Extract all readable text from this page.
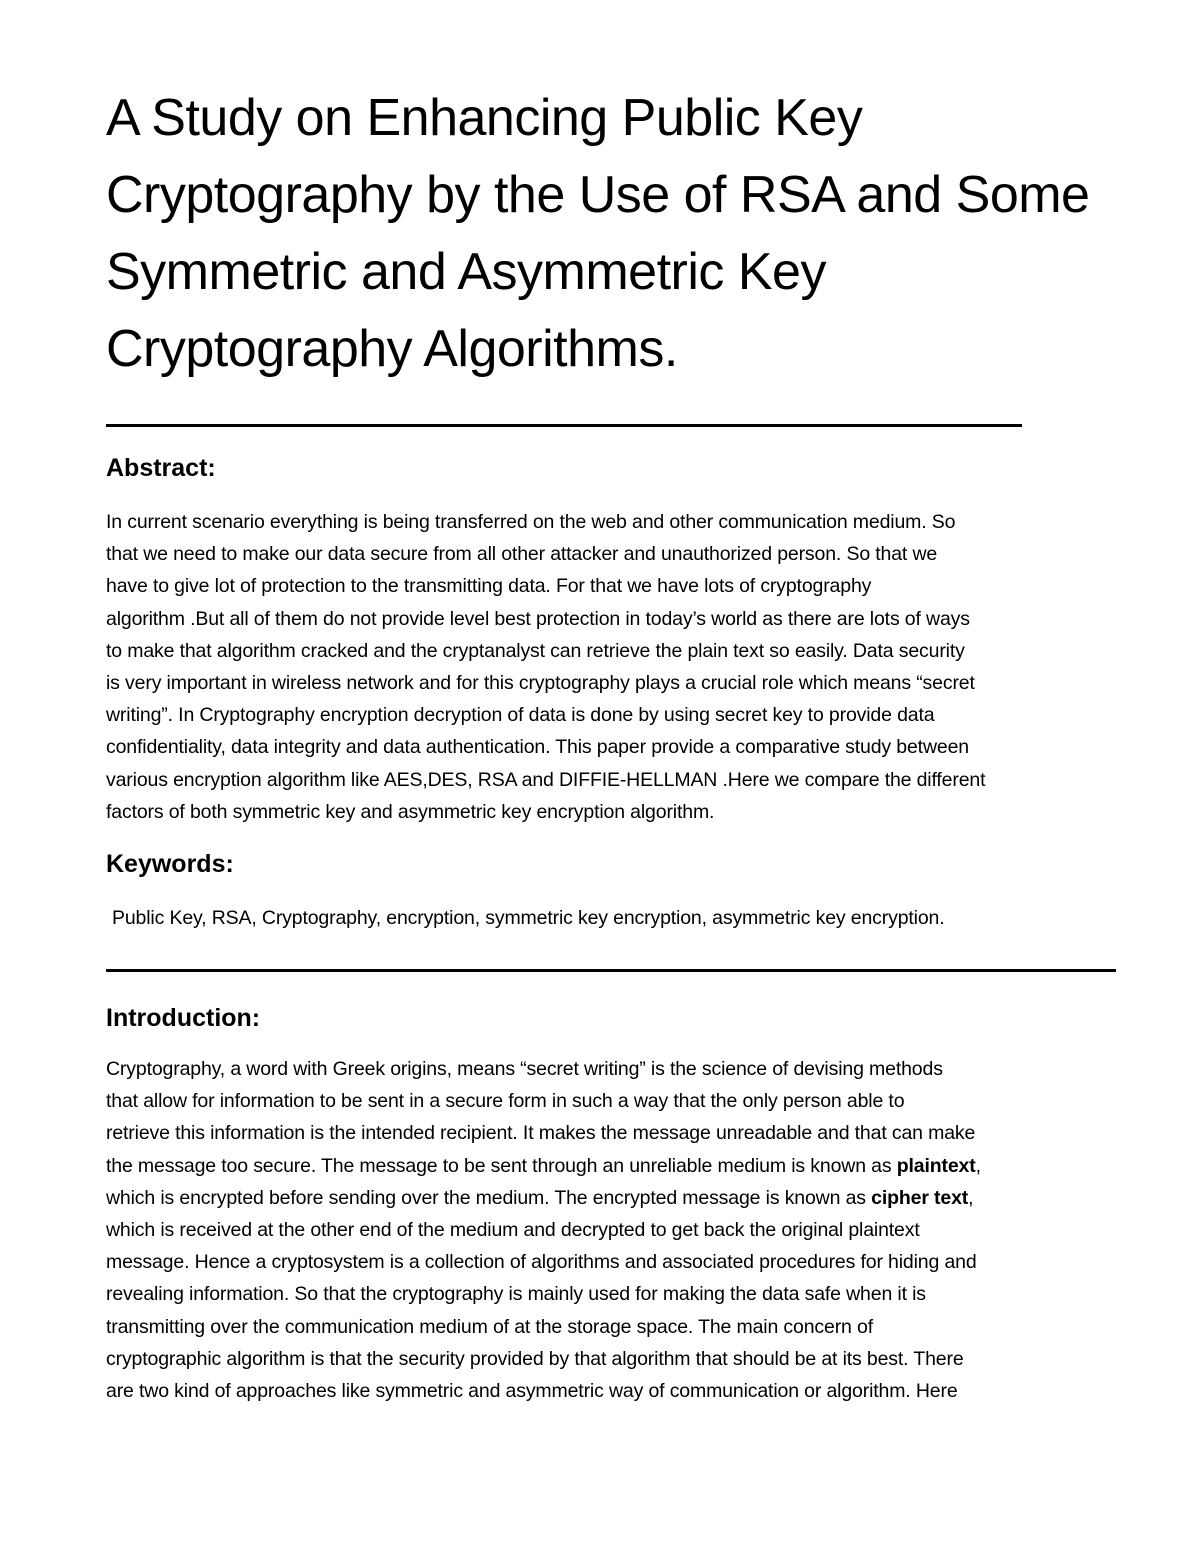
A Study on Enhancing Public Key
Cryptography by the Use of RSA and Some
Symmetric and Asymmetric Key
Cryptography Algorithms.
Abstract:

In current scenario everything is being transferred on the web and other communication medium. So
that we need to make our data secure from all other attacker and unauthorized person. So that we
have to give lot of protection to the transmitting data. For that we have lots of cryptography
algorithm .But all of them do not provide level best protection in today’s world as there are lots of ways
to make that algorithm cracked and the cryptanalyst can retrieve the plain text so easily. Data security
is very important in wireless network and for this cryptography plays a crucial role which means “secret
writing”. In Cryptography encryption decryption of data is done by using secret key to provide data
confidentiality, data integrity and data authentication. This paper provide a comparative study between
various encryption algorithm like AES,DES, RSA and DIFFIE-HELLMAN .Here we compare the different
factors of both symmetric key and asymmetric key encryption algorithm.

Keywords:

Public Key, RSA, Cryptography, encryption, symmetric key encryption, asymmetric key encryption.

Introduction:

Cryptography, a word with Greek origins, means “secret writing” is the science of devising methods
that allow for information to be sent in a secure form in such a way that the only person able to
retrieve this information is the intended recipient. It makes the message unreadable and that can make
the message too secure. The message to be sent through an unreliable medium is known as plaintext,
which is encrypted before sending over the medium. The encrypted message is known as cipher text,
which is received at the other end of the medium and decrypted to get back the original plaintext
message. Hence a cryptosystem is a collection of algorithms and associated procedures for hiding and
revealing information. So that the cryptography is mainly used for making the data safe when it is
transmitting over the communication medium of at the storage space. The main concern of
cryptographic algorithm is that the security provided by that algorithm that should be at its best. There
are two kind of approaches like symmetric and asymmetric way of communication or algorithm. Here
